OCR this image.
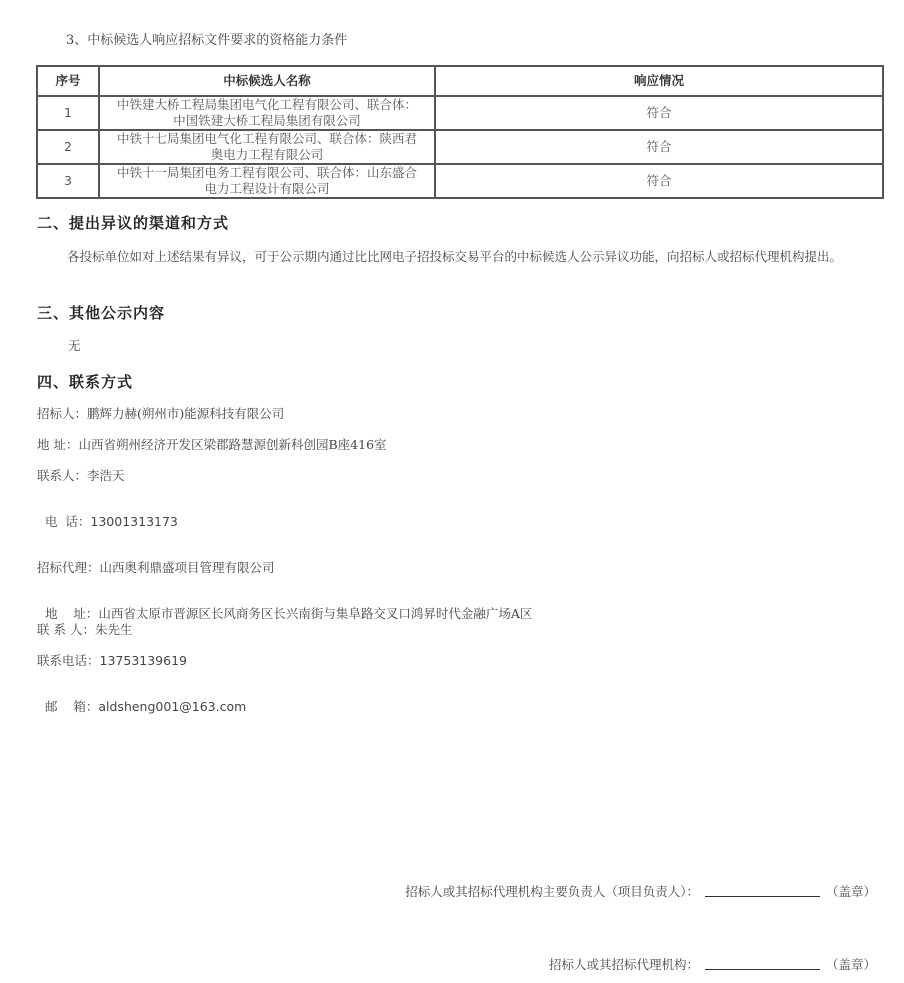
3、中标候选人响应招标文件要求的资格能力条件
序号	中标候选人名称	响应情况
1	中铁建大桥工程局集团电气化工程有限公司、联合体：
中国铁建大桥工程局集团有限公司	符合
2	中铁十七局集团电气化工程有限公司、联合体：陕西君
奥电力工程有限公司	符合
3	中铁十一局集团电务工程有限公司、联合体：山东盛合
电力工程设计有限公司	符合
二、提出异议的渠道和方式
各投标单位如对上述结果有异议，可于公示期内通过比比网电子招投标交易平台的中标候选人公示异议功能，向招标人或招标代理机构提出。
三、其他公示内容
无
四、联系方式
招标人：鹏辉力赫(朔州市)能源科技有限公司
地 址：山西省朔州经济开发区梁郡路慧源创新科创园B座416室
联系人：李浩天

电  话：13001313173

招标代理：山西奥利鼎盛项目管理有限公司

地    址：山西省太原市晋源区长风商务区长兴南街与集阜路交叉口鸿昇时代金融广场A区

联 系 人：朱先生
联系电话：13753139619

邮    箱：aldsheng001@163.com

招标人或其招标代理机构主要负责人（项目负责人）：	（盖章）
招标人或其招标代理机构：	（盖章）
